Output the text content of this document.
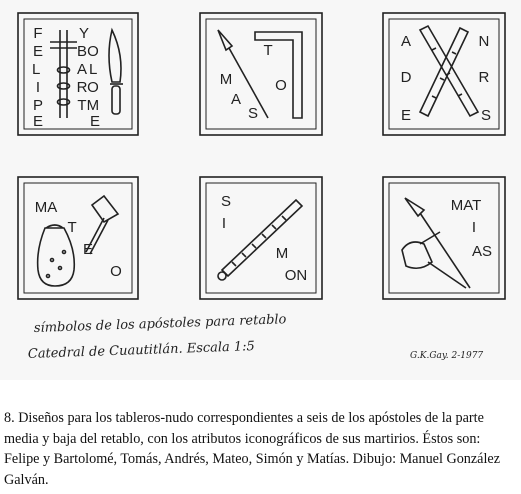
F E L I P E
Y BO A L RO TM E
T M	O AS
A	N D	R E	S
MAT EO
S I M ON
MAT I AS
símbolos de los apóstoles para retablo
Catedral de Cuautitlán. Escala 1:5	G.K.Gay. 2-1977
8. Diseños para los tableros-nudo correspondientes a seis de los apóstoles de la parte media y baja del retablo, con los atributos iconográficos de sus martirios. Éstos son: Felipe y Bartolomé, Tomás, Andrés, Mateo, Simón y Matías. Dibujo: Manuel González Galván.
